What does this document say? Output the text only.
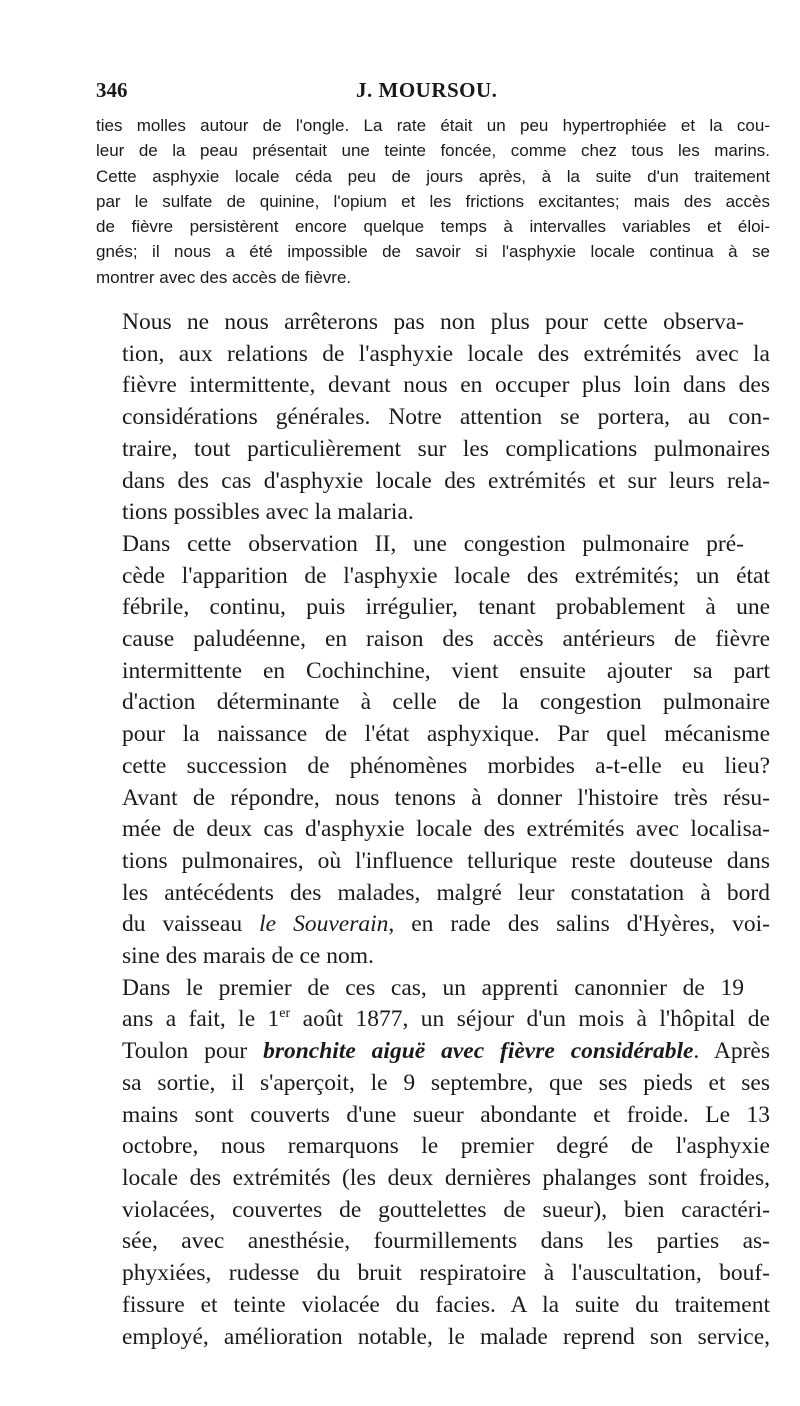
346	J. MOURSOU.

ties molles autour de l'ongle. La rate était un peu hypertrophiée et la cou-
leur de la peau présentait une teinte foncée, comme chez tous les marins.
Cette asphyxie locale céda peu de jours après, à la suite d'un traitement
par le sulfate de quinine, l'opium et les frictions excitantes; mais des accès
de fièvre persistèrent encore quelque temps à intervalles variables et éloi-
gnés; il nous a été impossible de savoir si l'asphyxie locale continua à se
montrer avec des accès de fièvre.

Nous ne nous arrêterons pas non plus pour cette observa-
tion, aux relations de l'asphyxie locale des extrémités avec la
fièvre intermittente, devant nous en occuper plus loin dans des
considérations générales. Notre attention se portera, au con-
traire, tout particulièrement sur les complications pulmonaires
dans des cas d'asphyxie locale des extrémités et sur leurs rela-
tions possibles avec la malaria.

Dans cette observation II, une congestion pulmonaire pré-
cède l'apparition de l'asphyxie locale des extrémités; un état
fébrile, continu, puis irrégulier, tenant probablement à une
cause paludéenne, en raison des accès antérieurs de fièvre
intermittente en Cochinchine, vient ensuite ajouter sa part
d'action déterminante à celle de la congestion pulmonaire
pour la naissance de l'état asphyxique. Par quel mécanisme
cette succession de phénomènes morbides a-t-elle eu lieu?
Avant de répondre, nous tenons à donner l'histoire très résu-
mée de deux cas d'asphyxie locale des extrémités avec localisa-
tions pulmonaires, où l'influence tellurique reste douteuse dans
les antécédents des malades, malgré leur constatation à bord
du vaisseau le Souverain, en rade des salins d'Hyères, voi-
sine des marais de ce nom.

Dans le premier de ces cas, un apprenti canonnier de 19
ans a fait, le 1er août 1877, un séjour d'un mois à l'hôpital de
Toulon pour bronchite aiguë avec fièvre considérable. Après
sa sortie, il s'aperçoit, le 9 septembre, que ses pieds et ses
mains sont couverts d'une sueur abondante et froide. Le 13
octobre, nous remarquons le premier degré de l'asphyxie
locale des extrémités (les deux dernières phalanges sont froides,
violacées, couvertes de gouttelettes de sueur), bien caractéri-
sée, avec anesthésie, fourmillements dans les parties as-
phyxiées, rudesse du bruit respiratoire à l'auscultation, bouf-
fissure et teinte violacée du facies. A la suite du traitement
employé, amélioration notable, le malade reprend son service,
